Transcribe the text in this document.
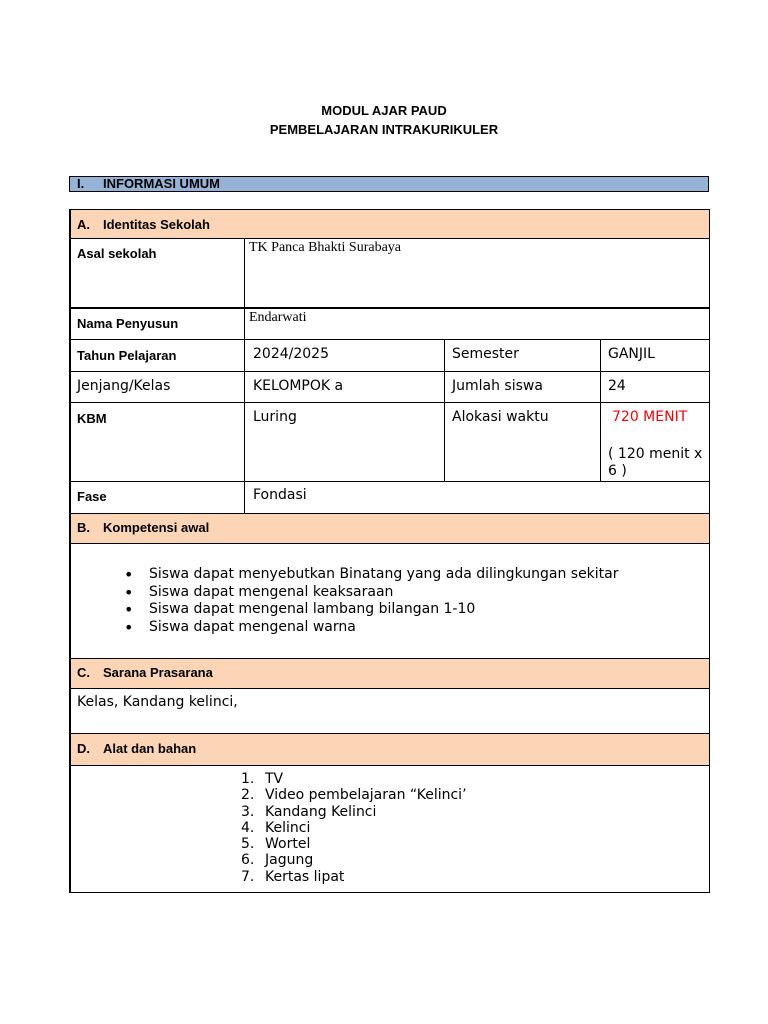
MODUL AJAR PAUD
PEMBELAJARAN INTRAKURIKULER
I. INFORMASI UMUM
A. Identitas Sekolah
Asal sekolah	TK Panca Bhakti Surabaya
Nama Penyusun	Endarwati
Tahun Pelajaran	2024/2025	Semester	GANJIL
Jenjang/Kelas	KELOMPOK a	Jumlah siswa	24
KBM	Luring	Alokasi waktu	720 MENIT
( 120 menit x
6 )
Fase	Fondasi
B. Kompetensi awal
• Siswa dapat menyebutkan Binatang yang ada dilingkungan sekitar
• Siswa dapat mengenal keaksaraan
• Siswa dapat mengenal lambang bilangan 1-10
• Siswa dapat mengenal warna
C. Sarana Prasarana
Kelas, Kandang kelinci,
D. Alat dan bahan
1. TV
2. Video pembelajaran “Kelinci’
3. Kandang Kelinci
4. Kelinci
5. Wortel
6. Jagung
7. Kertas lipat
